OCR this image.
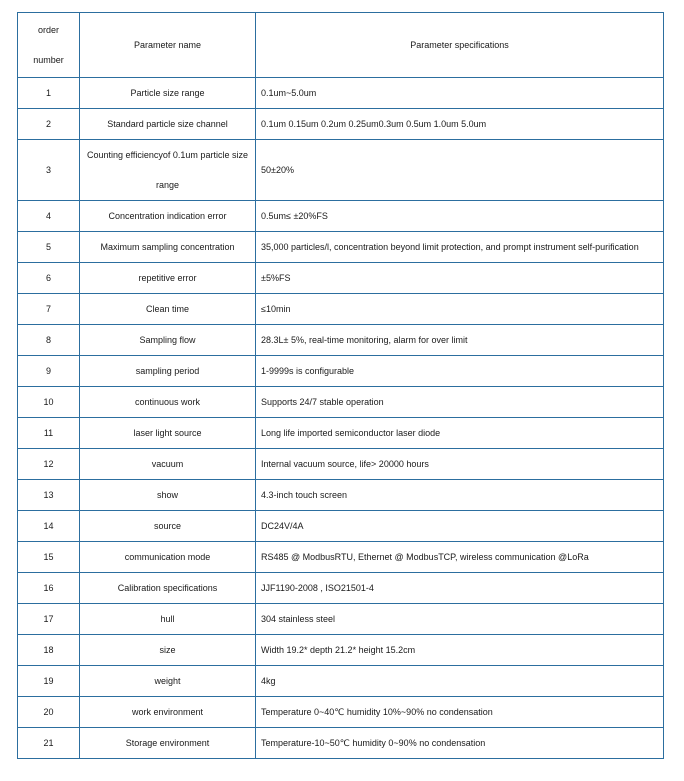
order
number	Parameter name	Parameter specifications
1	Particle size range	0.1um~5.0um
2	Standard particle size channel	0.1um 0.15um 0.2um 0.25um0.3um 0.5um 1.0um 5.0um
3	Counting efficiencyof 0.1um particle size range	50±20%
4	Concentration indication error	0.5um≤ ±20%FS
5	Maximum sampling concentration	35,000 particles/l, concentration beyond limit protection, and prompt instrument self-purification
6	repetitive error	±5%FS
7	Clean time	≤10min
8	Sampling flow	28.3L± 5%, real-time monitoring, alarm for over limit
9	sampling period	1-9999s is configurable
10	continuous work	Supports 24/7 stable operation
11	laser light source	Long life imported semiconductor laser diode
12	vacuum	Internal vacuum source, life> 20000 hours
13	show	4.3-inch touch screen
14	source	DC24V/4A
15	communication mode	RS485 @ ModbusRTU, Ethernet @ ModbusTCP, wireless communication @LoRa
16	Calibration specifications	JJF1190-2008 , ISO21501-4
17	hull	304 stainless steel
18	size	Width 19.2* depth 21.2* height 15.2cm
19	weight	4kg
20	work environment	Temperature 0~40℃ humidity 10%~90% no condensation
21	Storage environment	Temperature-10~50℃ humidity 0~90% no condensation
